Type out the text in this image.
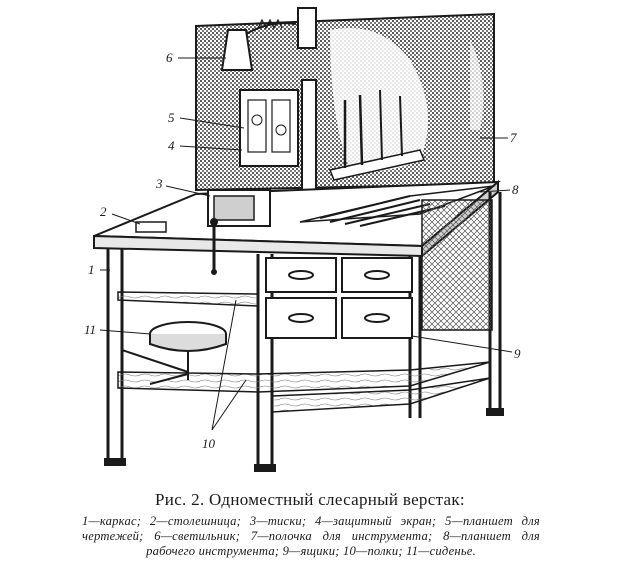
1
2
3
4
5
6
7
8
9
10
11
Рис. 2. Одноместный слесарный верстак:
1—каркас; 2—столешница; 3—тиски; 4—защитный экран; 5—планшет для чертежей; 6—светильник; 7—полочка для инструмента; 8—планшет для рабочего инструмента; 9—ящики; 10—полки; 11—сиденье.
